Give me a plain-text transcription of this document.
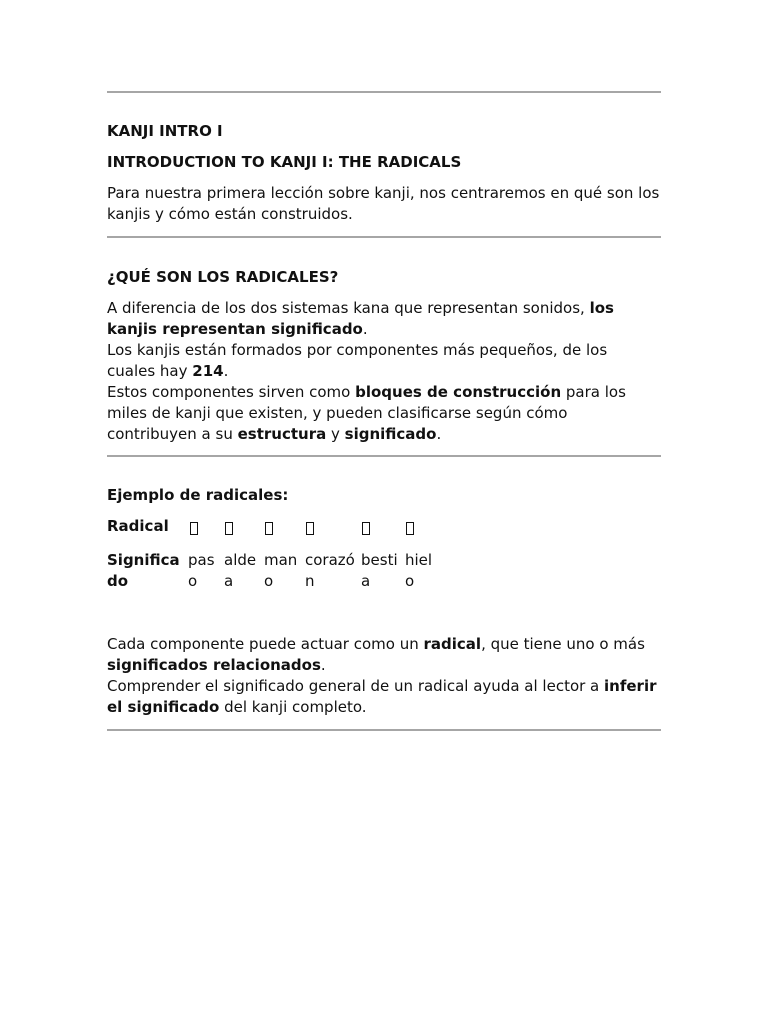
KANJI INTRO I
INTRODUCTION TO KANJI I: THE RADICALS
Para nuestra primera lección sobre kanji, nos centraremos en qué son los
kanjis y cómo están construidos.
¿QUÉ SON LOS RADICALES?
A diferencia de los dos sistemas kana que representan sonidos, los
kanjis representan significado.
Los kanjis están formados por componentes más pequeños, de los
cuales hay 214.
Estos componentes sirven como bloques de construcción para los
miles de kanji que existen, y pueden clasificarse según cómo
contribuyen a su estructura y significado.
Ejemplo de radicales:
Radical
Significa
do
pas
o
alde
a
man
o
corazó
n
besti
a
hiel
o
Cada componente puede actuar como un radical, que tiene uno o más
significados relacionados.
Comprender el significado general de un radical ayuda al lector a inferir
el significado del kanji completo.
